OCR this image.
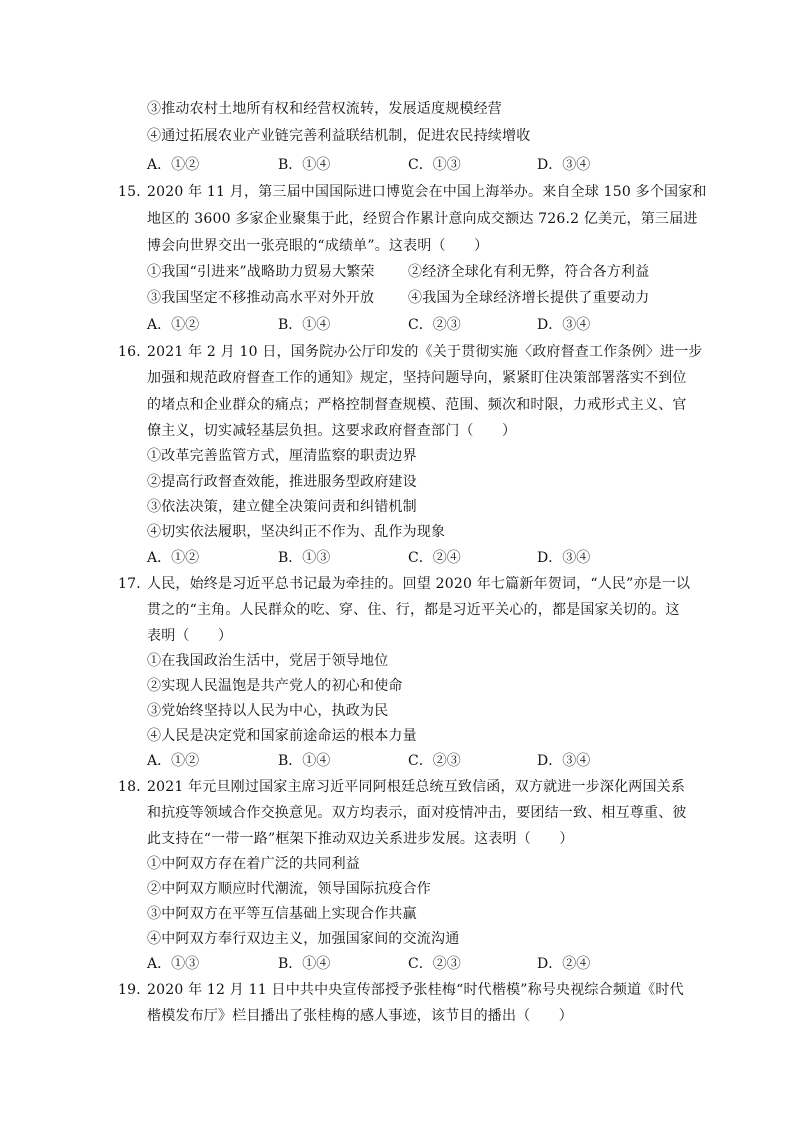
③推动农村土地所有权和经营权流转，发展适度规模经营
④通过拓展农业产业链完善利益联结机制，促进农民持续增收
A．①②	B．①④	C．①③	D．③④
15．
2020 年 11 月，第三届中国国际进口博览会在中国上海举办。来自全球 150 多个国家和
地区的 3600 多家企业聚集于此，经贸合作累计意向成交额达 726.2 亿美元，第三届进
博会向世界交出一张亮眼的“成绩单”。这表明（　　）
①我国“引进来”战略助力贸易大繁荣 ②经济全球化有利无弊，符合各方利益
③我国坚定不移推动高水平对外开放 ④我国为全球经济增长提供了重要动力
A．①②	B．①④	C．②③	D．③④
16．
2021 年 2 月 10 日，国务院办公厅印发的《关于贯彻实施〈政府督查工作条例〉进一步
加强和规范政府督查工作的通知》规定，坚持问题导向，紧紧盯住决策部署落实不到位
的堵点和企业群众的痛点；严格控制督查规模、范围、频次和时限，力戒形式主义、官
僚主义，切实减轻基层负担。这要求政府督查部门（　　）
①改革完善监管方式，厘清监察的职责边界
②提高行政督查效能，推进服务型政府建设
③依法决策，建立健全决策问责和纠错机制
④切实依法履职，坚决纠正不作为、乱作为现象
A．①②	B．①③	C．②④	D．③④
17．
人民，始终是习近平总书记最为牵挂的。回望 2020 年七篇新年贺词，“人民”亦是一以
贯之的“主角。人民群众的吃、穿、住、行，都是习近平关心的，都是国家关切的。这
表明（　　）
①在我国政治生活中，党居于领导地位
②实现人民温饱是共产党人的初心和使命
③党始终坚持以人民为中心，执政为民
④人民是决定党和国家前途命运的根本力量
A．①②	B．①④	C．②③	D．③④
18．
2021 年元旦刚过国家主席习近平同阿根廷总统互致信函，双方就进一步深化两国关系
和抗疫等领域合作交换意见。双方均表示，面对疫情冲击，要团结一致、相互尊重、彼
此支持在“一带一路”框架下推动双边关系进步发展。这表明（　　）
①中阿双方存在着广泛的共同利益
②中阿双方顺应时代潮流，领导国际抗疫合作
③中阿双方在平等互信基础上实现合作共赢
④中阿双方奉行双边主义，加强国家间的交流沟通
A．①③	B．①④	C．②③	D．②④
19．
2020 年 12 月 11 日中共中央宣传部授予张桂梅“时代楷模”称号央视综合频道《时代
楷模发布厅》栏目播出了张桂梅的感人事迹，该节目的播出（　　）
